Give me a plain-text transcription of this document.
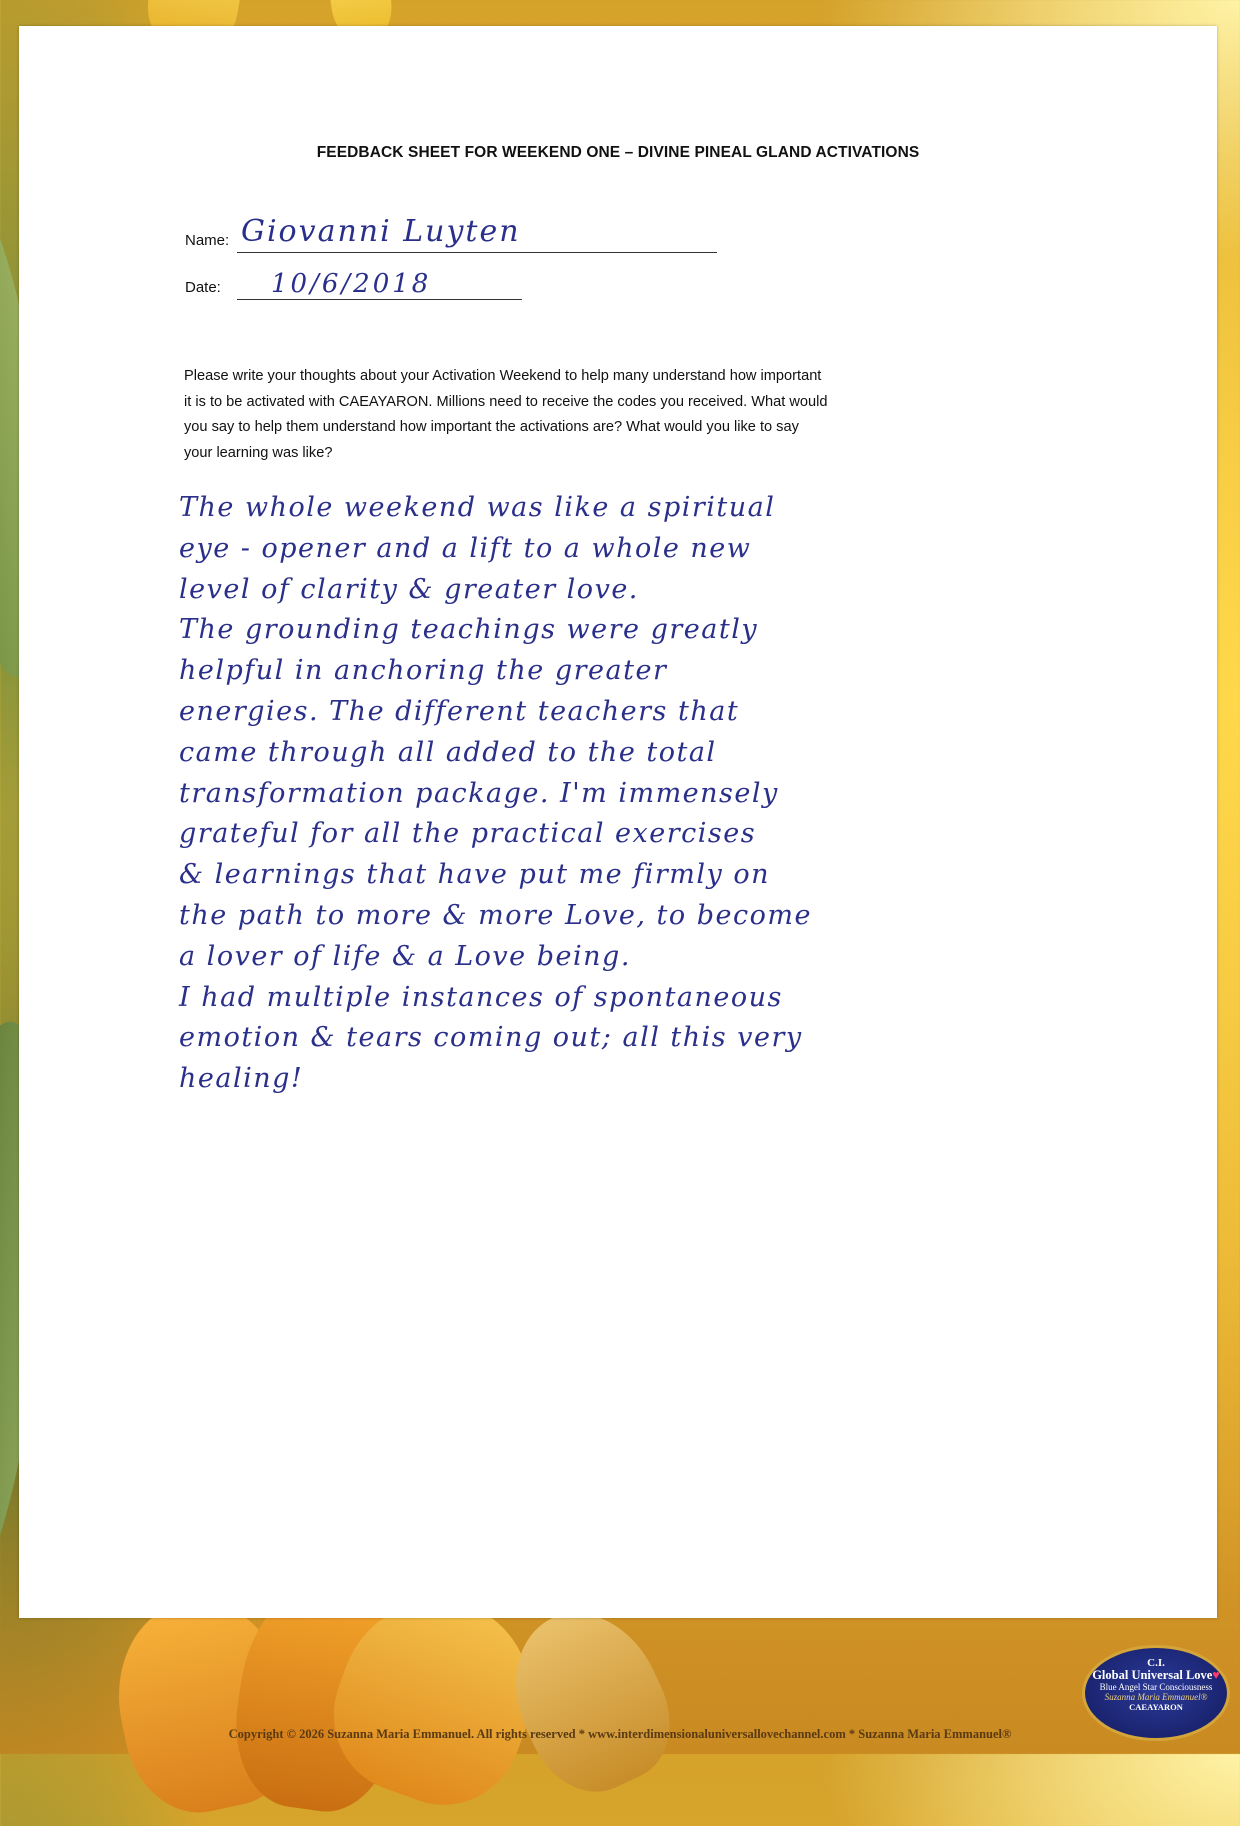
FEEDBACK SHEET FOR WEEKEND ONE – DIVINE PINEAL GLAND ACTIVATIONS
Name: Giovanni Luyten
Date: 10/6/2018
Please write your thoughts about your Activation Weekend to help many understand how important
it is to be activated with CAEAYARON. Millions need to receive the codes you received. What would
you say to help them understand how important the activations are? What would you like to say
your learning was like?
The whole weekend was like a spiritual
eye - opener and a lift to a whole new
level of clarity & greater love.
The grounding teachings were greatly
helpful in anchoring the greater
energies. The different teachers that
came through all added to the total
transformation package. I'm immensely
grateful for all the practical exercises
& learnings that have put me firmly on
the path to more & more Love, to become
a lover of life & a Love being.
I had multiple instances of spontaneous
emotion & tears coming out; all this very
healing!
C.I.
Global Universal Love♥
Blue Angel Star Consciousness
Suzanna Maria Emmanuel®
CAEAYARON
Copyright © 2026 Suzanna Maria Emmanuel. All rights reserved * www.interdimensionaluniversallovechannel.com * Suzanna Maria Emmanuel®
